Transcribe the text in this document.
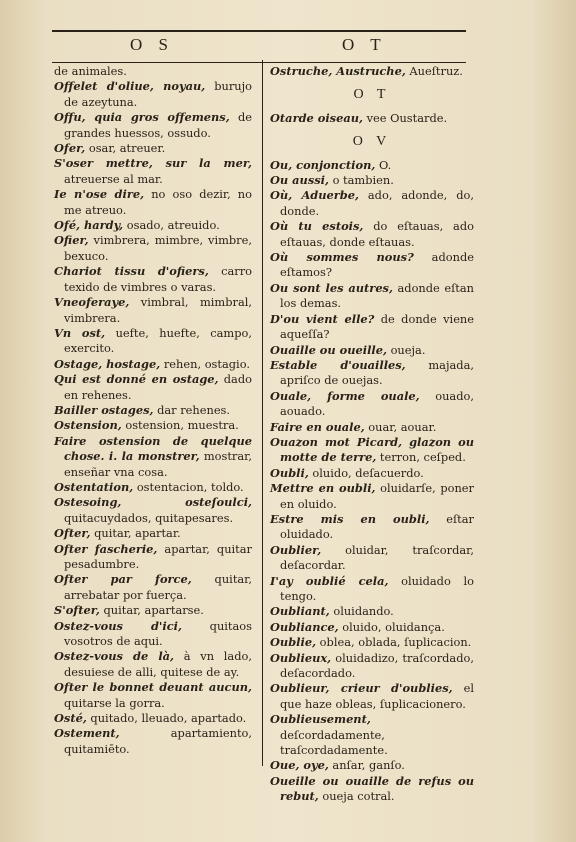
O S	O T

de animales.

Offelet d'oliue, noyau, burujo de azeytuna.

Offu, quia gros offemens, de grandes huessos, ossudo.

Ofer, osar, atreuer.

S'oser mettre, sur la mer, atreuerse al mar.

Ie n'ose dire, no oso dezir, no me atreuo.

Ofé, hardy, osado, atreuido.

Ofier, vimbrera, mimbre, vimbre, bexuco.

Chariot tissu d'ofiers, carro texido de vimbres o varas.

Vneoferaye, vimbral, mimbral, vimbrera.

Vn ost, uefte, huefte, campo, exercito.

Ostage, hostage, rehen, ostagio.

Qui est donné en ostage, dado en rehenes.

Bailler ostages, dar rehenes.

Ostension, ostension, muestra.

Faire ostension de quelque chose. i. la monstrer, mostrar, enseñar vna cosa.

Ostentation, ostentacion, toldo.

Ostesoing, osteſoulci, quitacuydados, quitapesares.

Ofter, quitar, apartar.

Ofter fascherie, apartar, quitar pesadumbre.

Ofter par force, quitar, arrebatar por fuerça.

S'ofter, quitar, apartarse.

Ostez-vous d'ici, quitaos vosotros de aqui.

Ostez-vous de là, à vn lado, desuiese de alli, quitese de ay.

Ofter le bonnet deuant aucun, quitarse la gorra.

Osté, quitado, lleuado, apartado.

Ostement, apartamiento, quitamiēto.

Ostruche, Austruche, Aueſtruz.

O T

Otarde oiseau, vee Oustarde.

O V

Ou, conjonction, O.

Ou aussi, o tambien.

Où, Aduerbe, ado, adonde, do, donde.

Où tu estois, do eſtauas, ado eſtauas, donde eſtauas.

Où sommes nous? adonde eſtamos?

Ou sont les autres, adonde eſtan los demas.

D'ou vient elle? de donde viene aqueſſa?

Ouaille ou oueille, oueja.

Estable d'ouailles, majada, apriſco de ouejas.

Ouale, forme ouale, ouado, aouado.

Faire en ouale, ouar, aouar.

Ouazon mot Picard, glazon ou motte de terre, terron, ceſped.

Oubli, oluido, deſacuerdo.

Mettre en oubli, oluidarſe, poner en oluido.

Estre mis en oubli, eſtar oluidado.

Oublier, oluidar, traſcordar, deſacordar.

I'ay oublié cela, oluidado lo tengo.

Oubliant, oluidando.

Oubliance, oluido, oluidança.

Oublie, oblea, oblada, ſuplicacion.

Oublieux, oluidadizo, traſcordado, deſacordado.

Oublieur, crieur d'oublies, el que haze obleas, ſuplicacionero.

Oublieusement, deſcordadamente, traſcordadamente.

Oue, oye, anſar, ganſo.

Oueille ou ouaille de refus ou rebut, oueja cotral.
